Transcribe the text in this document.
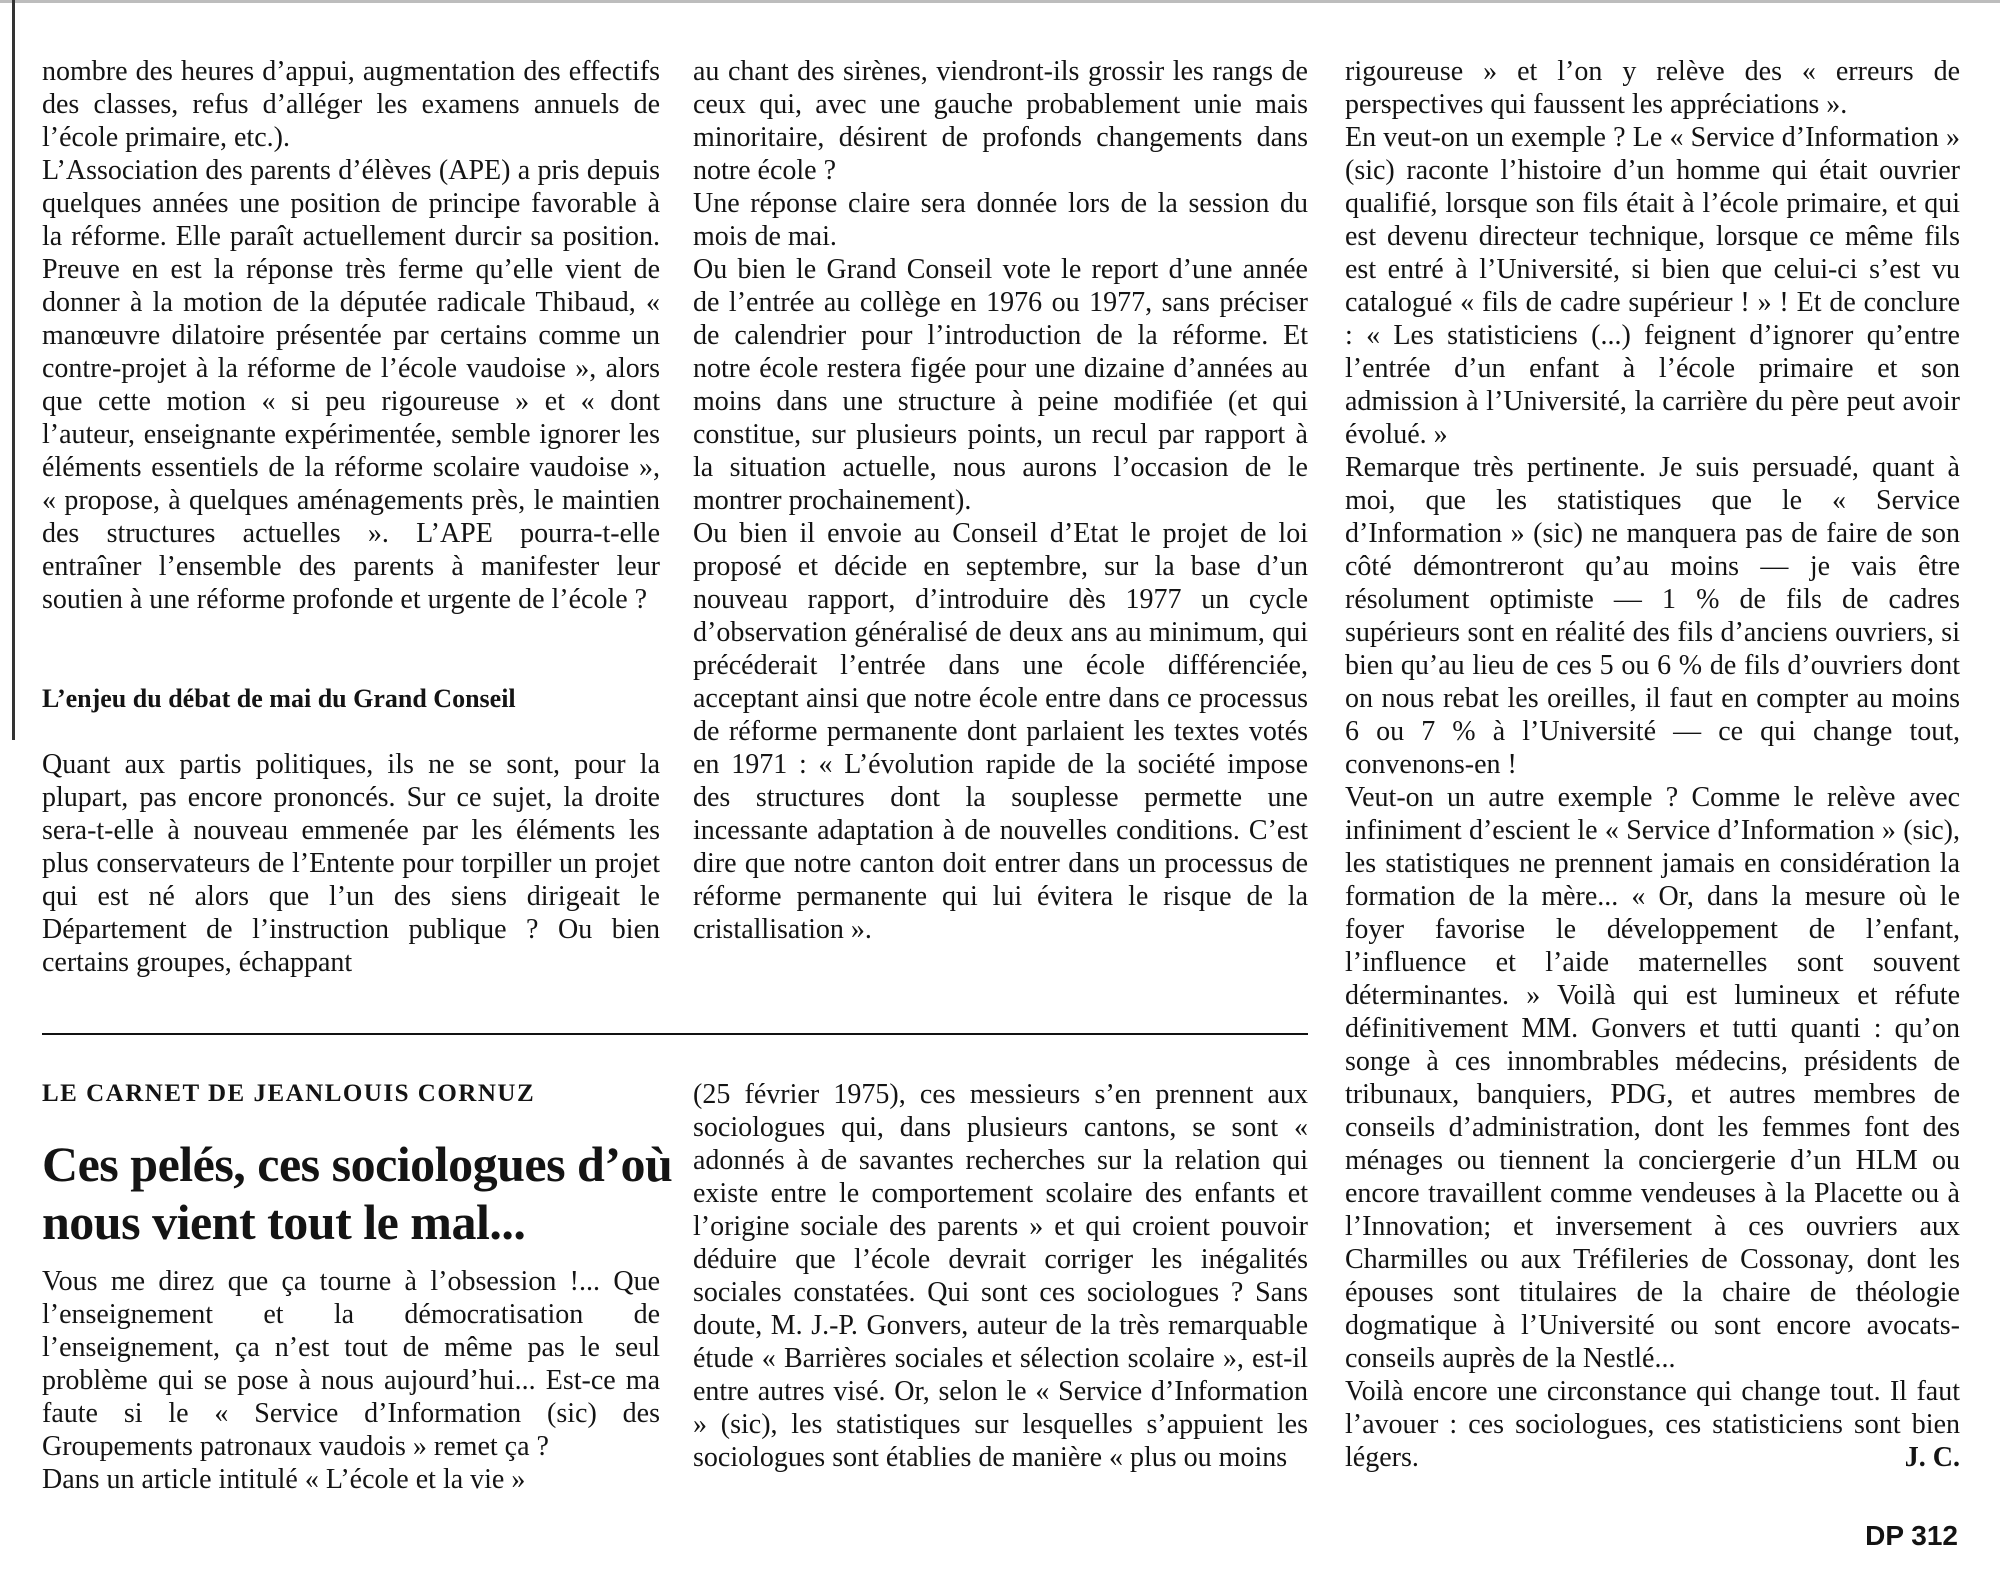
nombre des heures d’appui, augmentation des effectifs des classes, refus d’alléger les examens annuels de l’école primaire, etc.).

L’Association des parents d’élèves (APE) a pris depuis quelques années une position de principe favorable à la réforme. Elle paraît actuellement durcir sa position. Preuve en est la réponse très ferme qu’elle vient de donner à la motion de la députée radicale Thibaud, « manœuvre dilatoire présentée par certains comme un contre-projet à la réforme de l’école vaudoise », alors que cette motion « si peu rigoureuse » et « dont l’auteur, enseignante expérimentée, semble ignorer les éléments essentiels de la réforme scolaire vaudoise », « propose, à quelques aménagements près, le maintien des structures actuelles ». L’APE pourra-t-elle entraîner l’ensemble des parents à manifester leur soutien à une réforme profonde et urgente de l’école ?

L’enjeu du débat de mai du Grand Conseil

Quant aux partis politiques, ils ne se sont, pour la plupart, pas encore prononcés. Sur ce sujet, la droite sera-t-elle à nouveau emmenée par les éléments les plus conservateurs de l’Entente pour torpiller un projet qui est né alors que l’un des siens dirigeait le Département de l’instruction publique ? Ou bien certains groupes, échappant

au chant des sirènes, viendront-ils grossir les rangs de ceux qui, avec une gauche probablement unie mais minoritaire, désirent de profonds changements dans notre école ?

Une réponse claire sera donnée lors de la session du mois de mai.

Ou bien le Grand Conseil vote le report d’une année de l’entrée au collège en 1976 ou 1977, sans préciser de calendrier pour l’introduction de la réforme. Et notre école restera figée pour une dizaine d’années au moins dans une structure à peine modifiée (et qui constitue, sur plusieurs points, un recul par rapport à la situation actuelle, nous aurons l’occasion de le montrer prochainement).

Ou bien il envoie au Conseil d’Etat le projet de loi proposé et décide en septembre, sur la base d’un nouveau rapport, d’introduire dès 1977 un cycle d’observation généralisé de deux ans au minimum, qui précéderait l’entrée dans une école différenciée, acceptant ainsi que notre école entre dans ce processus de réforme permanente dont parlaient les textes votés en 1971 : « L’évolution rapide de la société impose des structures dont la souplesse permette une incessante adaptation à de nouvelles conditions. C’est dire que notre canton doit entrer dans un processus de réforme permanente qui lui évitera le risque de la cristallisation ».

LE CARNET DE JEANLOUIS CORNUZ
Ces pelés, ces sociologues d’où nous vient tout le mal...

Vous me direz que ça tourne à l’obsession !... Que l’enseignement et la démocratisation de l’enseignement, ça n’est tout de même pas le seul problème qui se pose à nous aujourd’hui... Est-ce ma faute si le « Service d’Information (sic) des Groupements patronaux vaudois » remet ça ?

Dans un article intitulé « L’école et la vie »

(25 février 1975), ces messieurs s’en prennent aux sociologues qui, dans plusieurs cantons, se sont « adonnés à de savantes recherches sur la relation qui existe entre le comportement scolaire des enfants et l’origine sociale des parents » et qui croient pouvoir déduire que l’école devrait corriger les inégalités sociales constatées. Qui sont ces sociologues ? Sans doute, M. J.-P. Gonvers, auteur de la très remarquable étude « Barrières sociales et sélection scolaire », est-il entre autres visé. Or, selon le « Service d’Information » (sic), les statistiques sur lesquelles s’appuient les sociologues sont établies de manière « plus ou moins

rigoureuse » et l’on y relève des « erreurs de perspectives qui faussent les appréciations ».

En veut-on un exemple ? Le « Service d’Information » (sic) raconte l’histoire d’un homme qui était ouvrier qualifié, lorsque son fils était à l’école primaire, et qui est devenu directeur technique, lorsque ce même fils est entré à l’Université, si bien que celui-ci s’est vu catalogué « fils de cadre supérieur ! » ! Et de conclure : « Les statisticiens (...) feignent d’ignorer qu’entre l’entrée d’un enfant à l’école primaire et son admission à l’Université, la carrière du père peut avoir évolué. »

Remarque très pertinente. Je suis persuadé, quant à moi, que les statistiques que le « Service d’Information » (sic) ne manquera pas de faire de son côté démontreront qu’au moins — je vais être résolument optimiste — 1 % de fils de cadres supérieurs sont en réalité des fils d’anciens ouvriers, si bien qu’au lieu de ces 5 ou 6 % de fils d’ouvriers dont on nous rebat les oreilles, il faut en compter au moins 6 ou 7 % à l’Université — ce qui change tout, convenons-en !

Veut-on un autre exemple ? Comme le relève avec infiniment d’escient le « Service d’Information » (sic), les statistiques ne prennent jamais en considération la formation de la mère... « Or, dans la mesure où le foyer favorise le développement de l’enfant, l’influence et l’aide maternelles sont souvent déterminantes. » Voilà qui est lumineux et réfute définitivement MM. Gonvers et tutti quanti : qu’on songe à ces innombrables médecins, présidents de tribunaux, banquiers, PDG, et autres membres de conseils d’administration, dont les femmes font des ménages ou tiennent la conciergerie d’un HLM ou encore travaillent comme vendeuses à la Placette ou à l’Innovation; et inversement à ces ouvriers aux Charmilles ou aux Tréfileries de Cossonay, dont les épouses sont titulaires de la chaire de théologie dogmatique à l’Université ou sont encore avocats-conseils auprès de la Nestlé...

Voilà encore une circonstance qui change tout. Il faut l’avouer : ces sociologues, ces statisticiens sont bien légers.	J. C.
DP 312
